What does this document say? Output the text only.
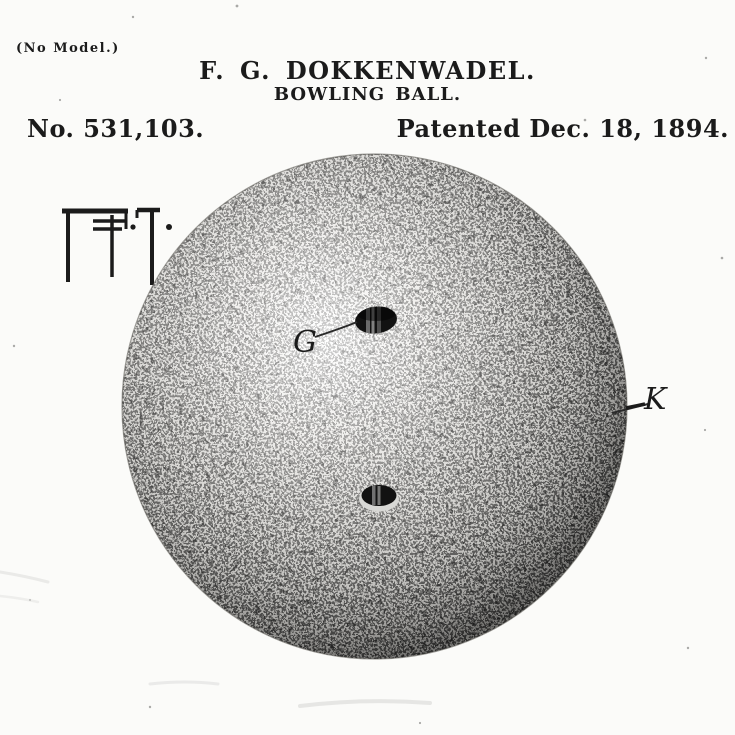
G
K
(No Model.)
F. G. DOKKENWADEL.
BOWLING BALL.
No. 531,103.	Patented Dec. 18, 1894.
